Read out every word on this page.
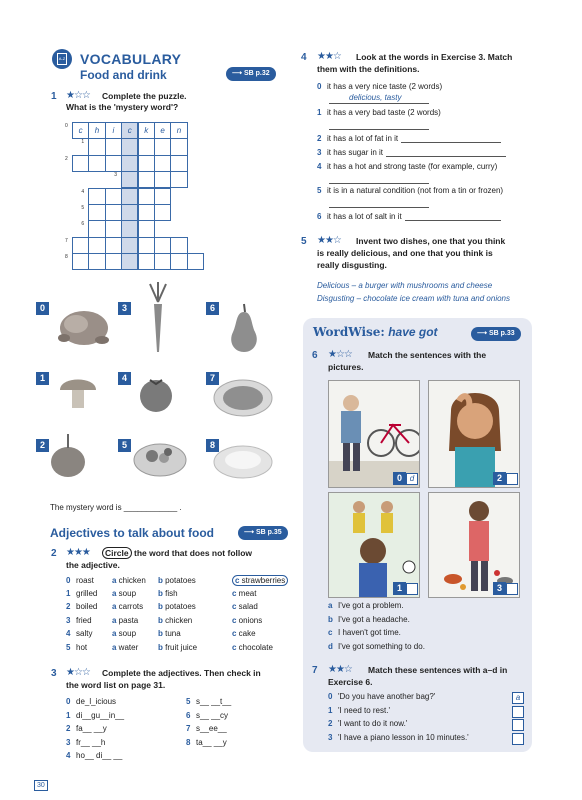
A-Z VOCABULARY
Food and drink	⟶ SB p.32
1 ★☆☆ Complete the puzzle.
What is the 'mystery word'?
0	c	h	i	c	k	e	n
1
2
3
4
5
6
7
8
0	3	6
1	4	7
2	5	8
The mystery word is ____________ .
Adjectives to talk about food	⟶ SB p.35
2 ★★★	Circle the word that does not follow
the adjective.
0 roast a chicken b potatoes	c strawberries
1 grilled a soup	b fish	c meat
2 boiled a carrots b potatoes	c salad
3 fried	a pasta b chicken	c onions
4 salty a soup	b tuna	c cake
5 hot	a water b fruit juice	c chocolate
3 ★☆☆ Complete the adjectives. Then check in
the word list on page 31.
0 de_l_icious
1 di__gu__in__
2 fa__ __y
3 fr__ __h
4 ho__ di__ __
5 s__ __t__
6 s__ __cy
7 s__ee__
8 ta__ __y
30
4 ★★☆ Look at the words in Exercise 3. Match
them with the definitions.
0 it has a very nice taste (2 words)
delicious, tasty
1 it has a very bad taste (2 words)
2 it has a lot of fat in it
3 it has sugar in it
4 it has a hot and strong taste (for example, curry)
5 it is in a natural condition (not from a tin or frozen)
6 it has a lot of salt in it
5 ★★☆ Invent two dishes, one that you think
is really delicious, and one that you think is
really disgusting.
Delicious – a burger with mushrooms and cheese
Disgusting – chocolate ice cream with tuna and onions
WordWise: have got	⟶ SB p.33
6 ★☆☆ Match the sentences with the
pictures.
0 d	2
1	3
aI've got a problem.
bI've got a headache.
cI haven't got time.
dI've got something to do.
7 ★★☆ Match these sentences with a–d in
Exercise 6.
0 'Do you have another bag?'	a
1 'I need to rest.'
2 'I want to do it now.'
3 'I have a piano lesson in 10 minutes.'
